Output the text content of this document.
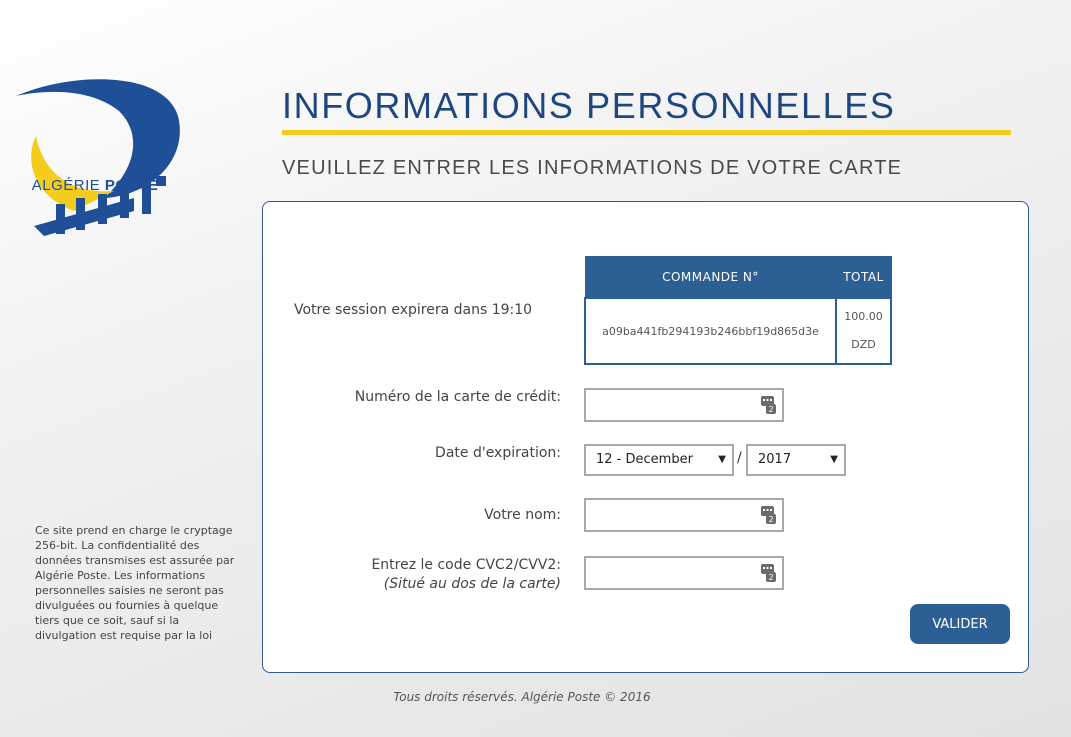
ALGÉRIE POSTE
INFORMATIONS PERSONNELLES
VEUILLEZ ENTRER LES INFORMATIONS DE VOTRE CARTE
Votre session expirera dans 19:10
COMMANDE N°	TOTAL
a09ba441fb294193b246bbf19d865d3e	100.00
DZD
Numéro de la carte de crédit:
2
Date d'expiration:	12 - December	▼ /	2017	▼
Votre nom:	2
Entrez le code CVC2/CVV2:
(Situé au dos de la carte)	2
VALIDER

Ce site prend en charge le cryptage 256-bit. La confidentialité des données transmises est assurée par Algérie Poste. Les informations personnelles saisies ne seront pas divulguées ou fournies à quelque tiers que ce soit, sauf si la divulgation est requise par la loi

Tous droits réservés. Algérie Poste © 2016
